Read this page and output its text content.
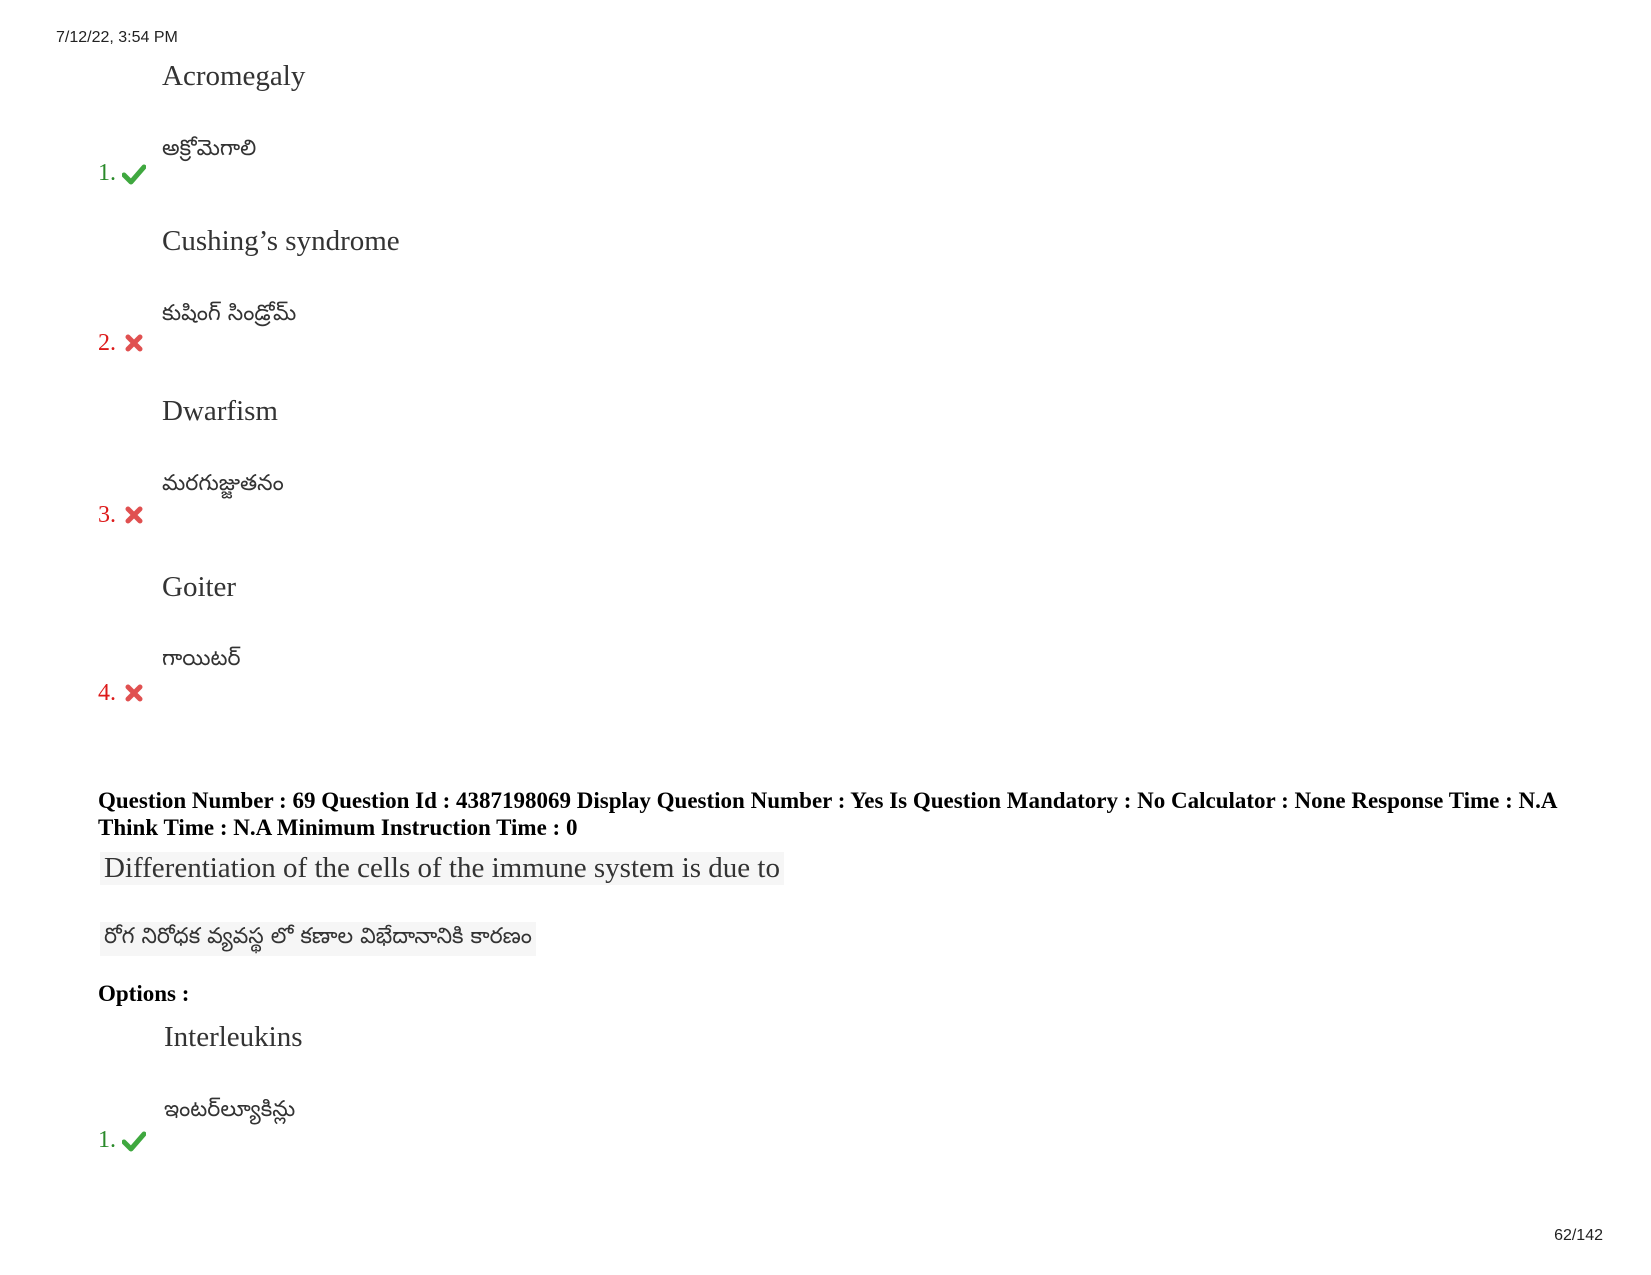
7/12/22, 3:54 PM
Acromegaly
అక్రోమెగాలి
1.
Cushing’s syndrome
కుషింగ్ సిండ్రోమ్
2.
Dwarfism
మరగుజ్జుతనం
3.
Goiter
గాయిటర్
4.
Question Number : 69 Question Id : 4387198069 Display Question Number : Yes Is Question Mandatory : No Calculator : None Response Time : N.A Think Time : N.A Minimum Instruction Time : 0
Differentiation of the cells of the immune system is due to
రోగ నిరోధక వ్యవస్థ లో కణాల విభేదానానికి కారణం
Options :
Interleukins
ఇంటర్‌ల్యూకిన్లు
1.
62/142
